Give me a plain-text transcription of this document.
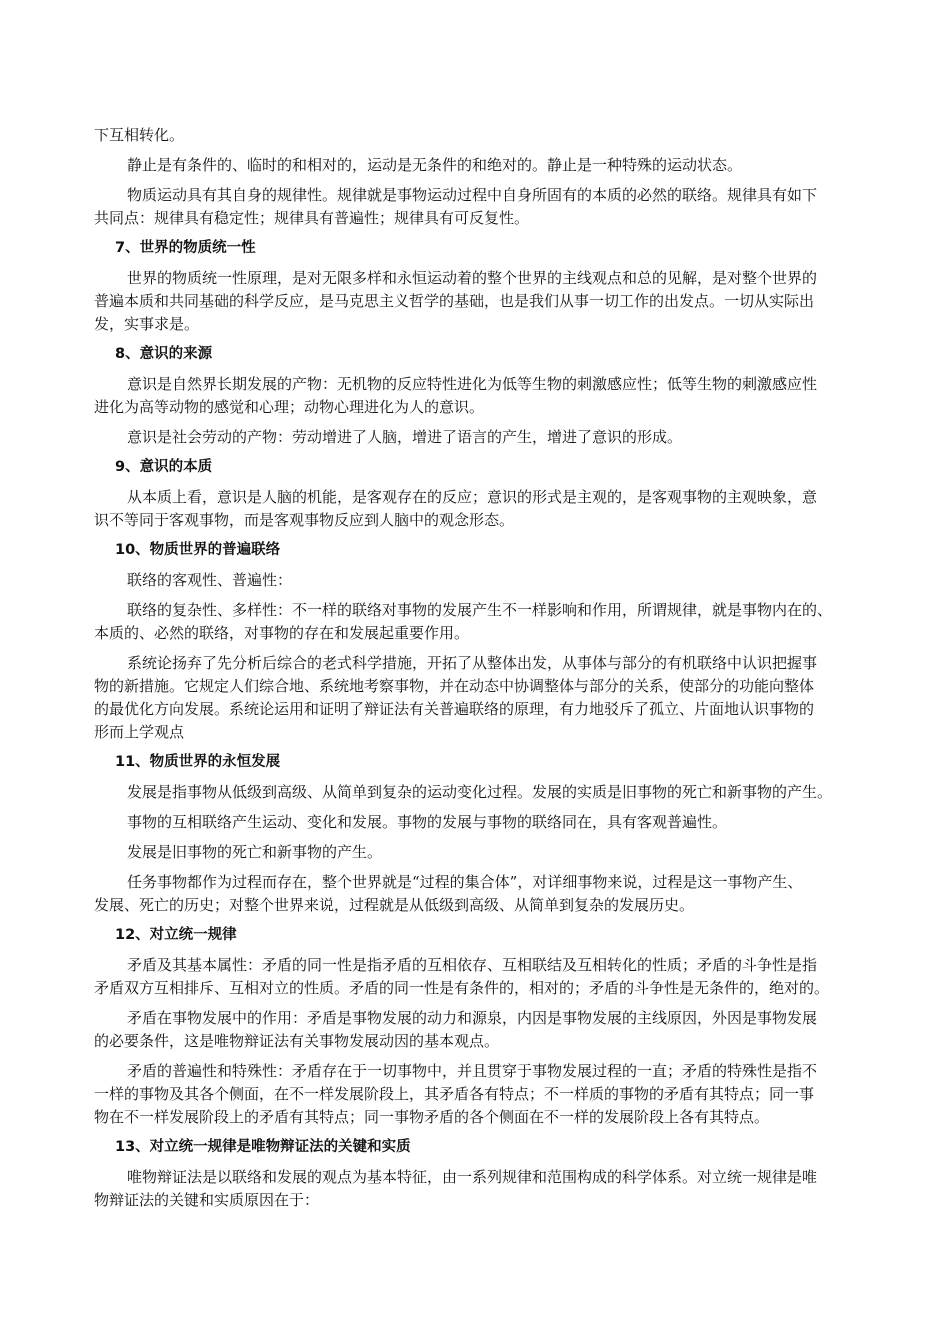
下互相转化。
静止是有条件的、临时的和相对的，运动是无条件的和绝对的。静止是一种特殊的运动状态。
物质运动具有其自身的规律性。规律就是事物运动过程中自身所固有的本质的必然的联络。规律具有如下
共同点：规律具有稳定性；规律具有普遍性；规律具有可反复性。
7、世界的物质统一性
世界的物质统一性原理，是对无限多样和永恒运动着的整个世界的主线观点和总的见解，是对整个世界的
普遍本质和共同基础的科学反应，是马克思主义哲学的基础，也是我们从事一切工作的出发点。一切从实际出
发，实事求是。
8、意识的来源
意识是自然界长期发展的产物：无机物的反应特性进化为低等生物的刺激感应性；低等生物的刺激感应性
进化为高等动物的感觉和心理；动物心理进化为人的意识。
意识是社会劳动的产物：劳动增进了人脑，增进了语言的产生，增进了意识的形成。
9、意识的本质
从本质上看，意识是人脑的机能，是客观存在的反应；意识的形式是主观的，是客观事物的主观映象，意
识不等同于客观事物，而是客观事物反应到人脑中的观念形态。
10、物质世界的普遍联络
联络的客观性、普遍性：
联络的复杂性、多样性：不一样的联络对事物的发展产生不一样影响和作用，所谓规律，就是事物内在的、
本质的、必然的联络，对事物的存在和发展起重要作用。
系统论扬弃了先分析后综合的老式科学措施，开拓了从整体出发，从事体与部分的有机联络中认识把握事
物的新措施。它规定人们综合地、系统地考察事物，并在动态中协调整体与部分的关系，使部分的功能向整体
的最优化方向发展。系统论运用和证明了辩证法有关普遍联络的原理，有力地驳斥了孤立、片面地认识事物的
形而上学观点
11、物质世界的永恒发展
发展是指事物从低级到高级、从简单到复杂的运动变化过程。发展的实质是旧事物的死亡和新事物的产生。
事物的互相联络产生运动、变化和发展。事物的发展与事物的联络同在，具有客观普遍性。
发展是旧事物的死亡和新事物的产生。
任务事物都作为过程而存在，整个世界就是“过程的集合体”，对详细事物来说，过程是这一事物产生、
发展、死亡的历史；对整个世界来说，过程就是从低级到高级、从简单到复杂的发展历史。
12、对立统一规律
矛盾及其基本属性：矛盾的同一性是指矛盾的互相依存、互相联结及互相转化的性质；矛盾的斗争性是指
矛盾双方互相排斥、互相对立的性质。矛盾的同一性是有条件的，相对的；矛盾的斗争性是无条件的，绝对的。
矛盾在事物发展中的作用：矛盾是事物发展的动力和源泉，内因是事物发展的主线原因，外因是事物发展
的必要条件，这是唯物辩证法有关事物发展动因的基本观点。
矛盾的普遍性和特殊性：矛盾存在于一切事物中，并且贯穿于事物发展过程的一直；矛盾的特殊性是指不
一样的事物及其各个侧面，在不一样发展阶段上，其矛盾各有特点；不一样质的事物的矛盾有其特点；同一事
物在不一样发展阶段上的矛盾有其特点；同一事物矛盾的各个侧面在不一样的发展阶段上各有其特点。
13、对立统一规律是唯物辩证法的关键和实质
唯物辩证法是以联络和发展的观点为基本特征，由一系列规律和范围构成的科学体系。对立统一规律是唯
物辩证法的关键和实质原因在于：
